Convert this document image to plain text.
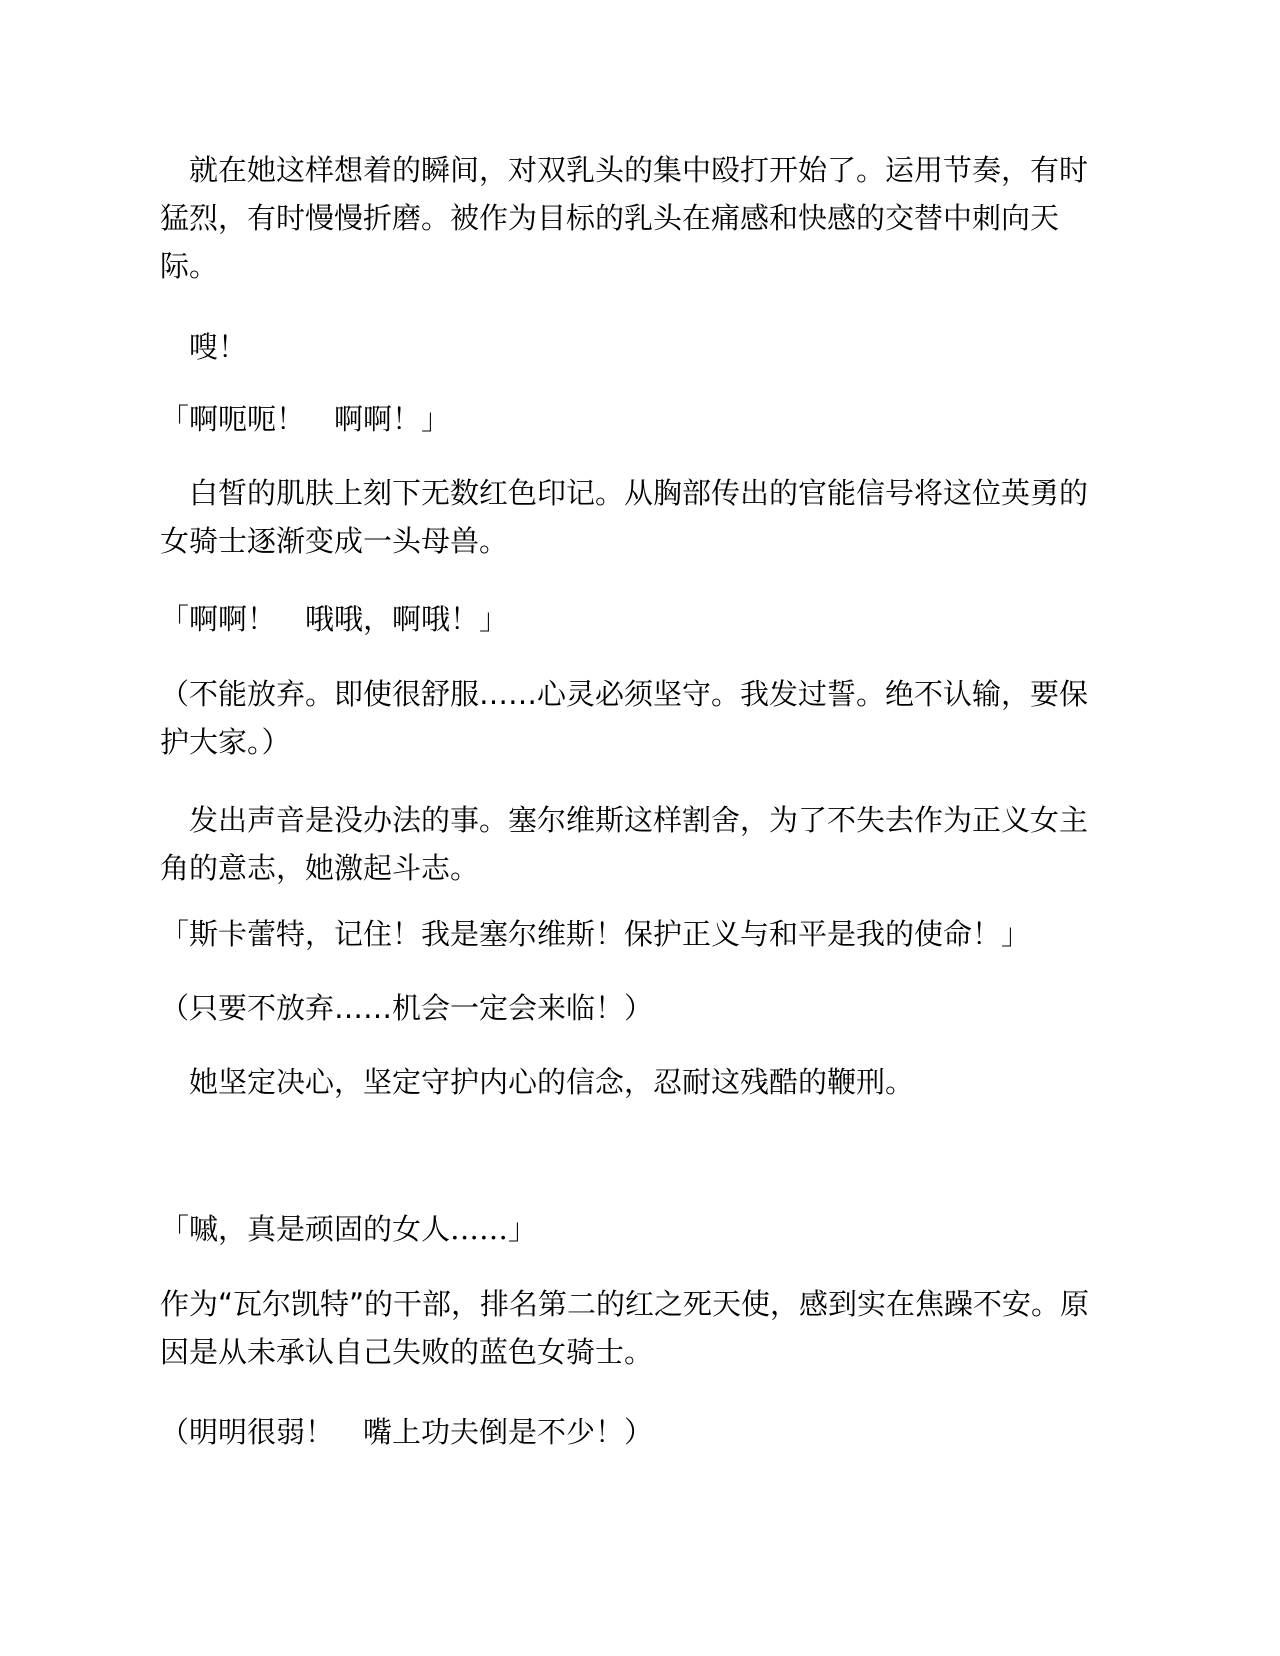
　就在她这样想着的瞬间，对双乳头的集中殴打开始了。运用节奏，有时猛烈，有时慢慢折磨。被作为目标的乳头在痛感和快感的交替中刺向天际。

　嗖！

「啊呃呃！　啊啊！」

　白皙的肌肤上刻下无数红色印记。从胸部传出的官能信号将这位英勇的女骑士逐渐变成一头母兽。

「啊啊！　哦哦，啊哦！」

（不能放弃。即使很舒服……心灵必须坚守。我发过誓。绝不认输，要保护大家。）

　发出声音是没办法的事。塞尔维斯这样割舍，为了不失去作为正义女主角的意志，她激起斗志。

「斯卡蕾特，记住！我是塞尔维斯！保护正义与和平是我的使命！」

（只要不放弃……机会一定会来临！）

　她坚定决心，坚定守护内心的信念，忍耐这残酷的鞭刑。

「嘁，真是顽固的女人……」

作为“瓦尔凯特”的干部，排名第二的红之死天使，感到实在焦躁不安。原因是从未承认自己失败的蓝色女骑士。

（明明很弱！　嘴上功夫倒是不少！）
